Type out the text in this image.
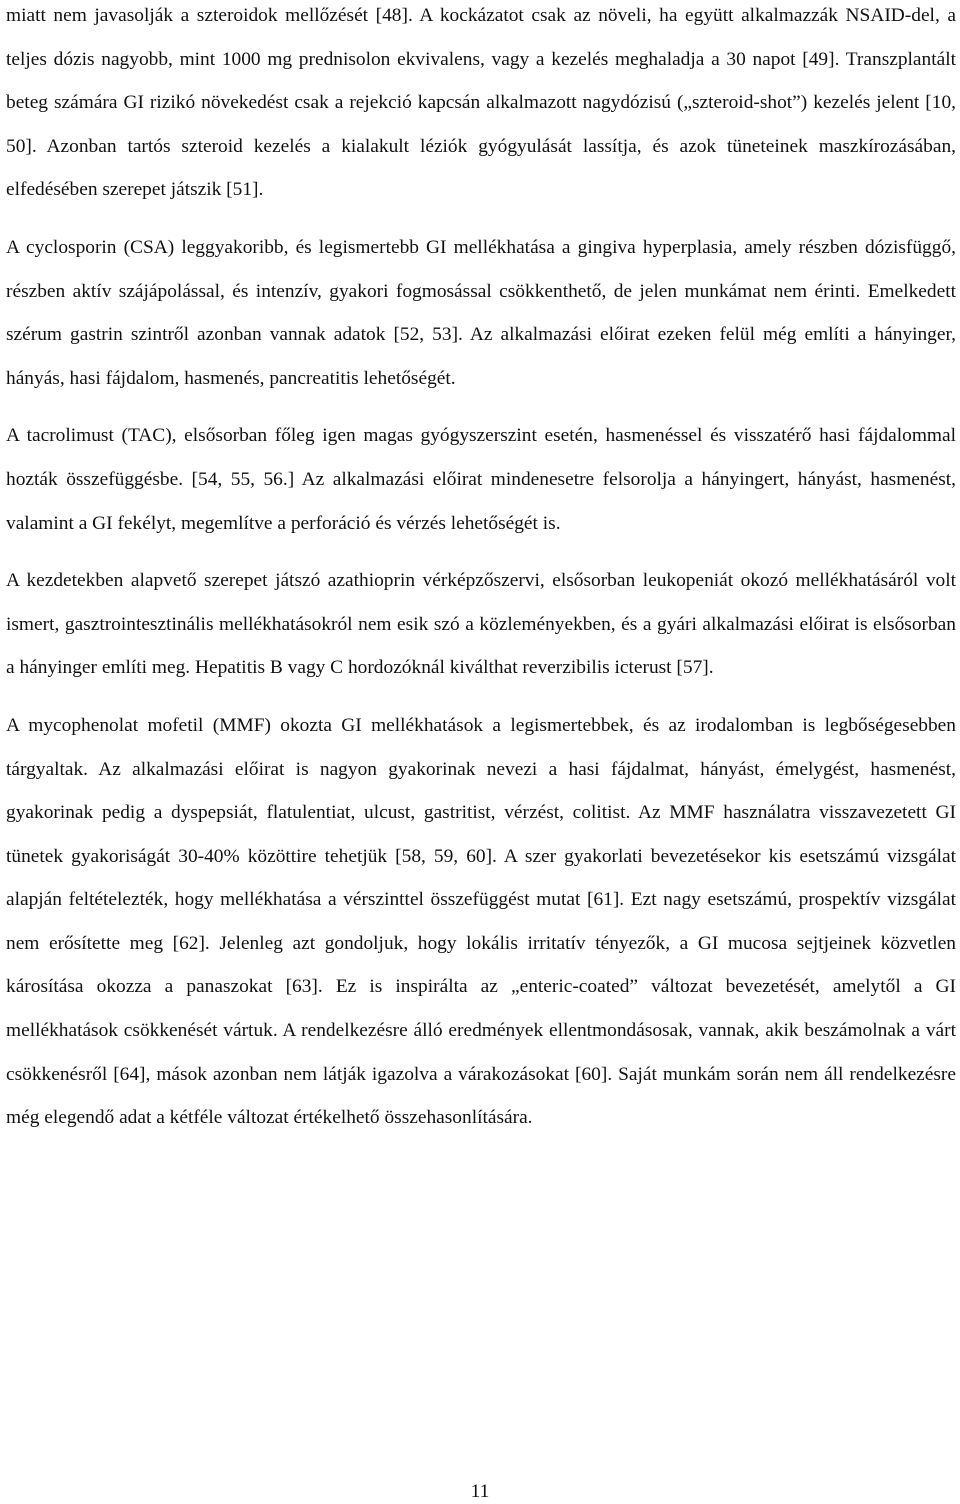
miatt nem javasolják a szteroidok mellőzését [48]. A kockázatot csak az növeli, ha együtt alkalmazzák NSAID-del, a teljes dózis nagyobb, mint 1000 mg prednisolon ekvivalens, vagy a kezelés meghaladja a 30 napot [49]. Transzplantált beteg számára GI rizikó növekedést csak a rejekció kapcsán alkalmazott nagydózisú („szteroid-shot”) kezelés jelent [10, 50]. Azonban tartós szteroid kezelés a kialakult léziók gyógyulását lassítja, és azok tüneteinek maszkírozásában, elfedésében szerepet játszik [51].

A cyclosporin (CSA) leggyakoribb, és legismertebb GI mellékhatása a gingiva hyperplasia, amely részben dózisfüggő, részben aktív szájápolással, és intenzív, gyakori fogmosással csökkenthető, de jelen munkámat nem érinti. Emelkedett szérum gastrin szintről azonban vannak adatok [52, 53]. Az alkalmazási előirat ezeken felül még említi a hányinger, hányás, hasi fájdalom, hasmenés, pancreatitis lehetőségét.

A tacrolimust (TAC), elsősorban főleg igen magas gyógyszerszint esetén, hasmenéssel és visszatérő hasi fájdalommal hozták összefüggésbe. [54, 55, 56.] Az alkalmazási előirat mindenesetre felsorolja a hányingert, hányást, hasmenést, valamint a GI fekélyt, megemlítve a perforáció és vérzés lehetőségét is.

A kezdetekben alapvető szerepet játszó azathioprin vérképzőszervi, elsősorban leukopeniát okozó mellékhatásáról volt ismert, gasztrointesztinális mellékhatásokról nem esik szó a közleményekben, és a gyári alkalmazási előirat is elsősorban a hányinger említi meg. Hepatitis B vagy C hordozóknál kiválthat reverzibilis icterust [57].

A mycophenolat mofetil (MMF) okozta GI mellékhatások a legismertebbek, és az irodalomban is legbőségesebben tárgyaltak. Az alkalmazási előirat is nagyon gyakorinak nevezi a hasi fájdalmat, hányást, émelygést, hasmenést, gyakorinak pedig a dyspepsiát, flatulentiat, ulcust, gastritist, vérzést, colitist. Az MMF használatra visszavezetett GI tünetek gyakoriságát 30-40% közöttire tehetjük [58, 59, 60]. A szer gyakorlati bevezetésekor kis esetszámú vizsgálat alapján feltételezték, hogy mellékhatása a vérszinttel összefüggést mutat [61]. Ezt nagy esetszámú, prospektív vizsgálat nem erősítette meg [62]. Jelenleg azt gondoljuk, hogy lokális irritatív tényezők, a GI mucosa sejtjeinek közvetlen károsítása okozza a panaszokat [63]. Ez is inspirálta az „enteric-coated” változat bevezetését, amelytől a GI mellékhatások csökkenését vártuk. A rendelkezésre álló eredmények ellentmondásosak, vannak, akik beszámolnak a várt csökkenésről [64], mások azonban nem látják igazolva a várakozásokat [60]. Saját munkám során nem áll rendelkezésre még elegendő adat a kétféle változat értékelhető összehasonlítására.

11
